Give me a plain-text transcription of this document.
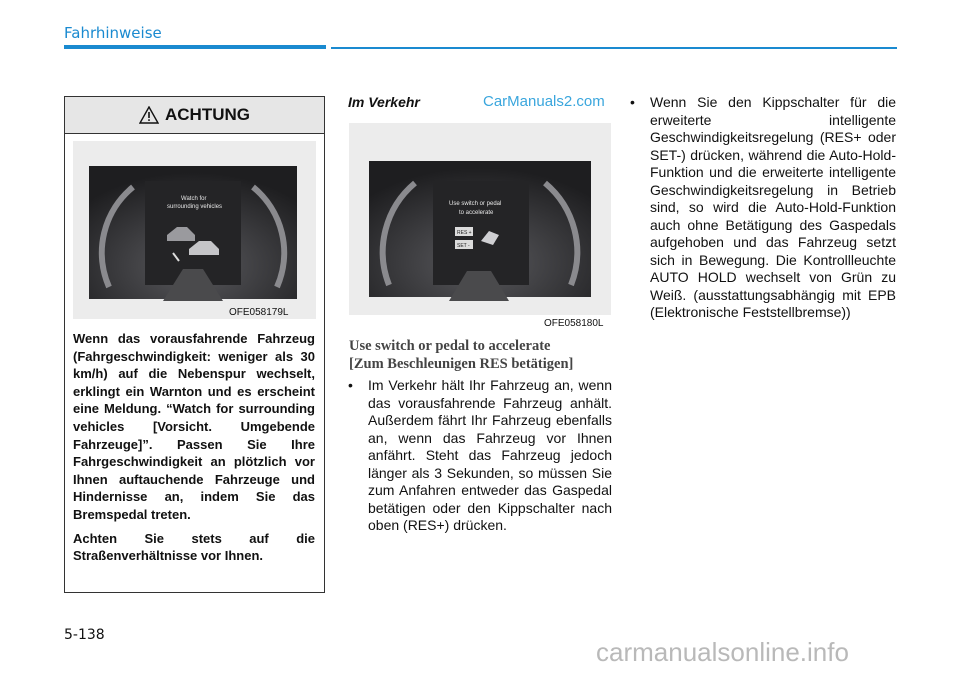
Fahrhinweise
ACHTUNG
Watch for
surrounding vehicles
OFE058179L

Wenn das vorausfahrende Fahrzeug (Fahrgeschwindigkeit: weniger als 30 km/h) auf die Nebenspur wechselt, erklingt ein Warnton und es erscheint eine Meldung. “Watch for surrounding vehicles [Vorsicht. Umgebende Fahrzeuge]”. Passen Sie Ihre Fahrgeschwindigkeit an plötzlich vor Ihnen auftauchende Fahrzeuge und Hindernisse an, indem Sie das Bremspedal treten.

Achten Sie stets auf die Straßenverhältnisse vor Ihnen.

Im Verkehr	CarManuals2.com
Use switch or pedal
to accelerate
RES +
SET -
OFE058180L
Use switch or pedal to accelerate
[Zum Beschleunigen RES betätigen]
• Im Verkehr hält Ihr Fahrzeug an, wenn das vorausfahrende Fahrzeug anhält. Außerdem fährt Ihr Fahrzeug ebenfalls an, wenn das Fahrzeug vor Ihnen anfährt. Steht das Fahrzeug jedoch länger als 3 Sekunden, so müssen Sie zum Anfahren entweder das Gaspedal betätigen oder den Kippschalter nach oben (RES+) drücken.
• Wenn Sie den Kippschalter für die erweiterte intelligente Geschwindigkeitsregelung (RES+ oder SET-) drücken, während die Auto-Hold-Funktion und die erweiterte intelligente Geschwindigkeitsregelung in Betrieb sind, so wird die Auto-Hold-Funktion auch ohne Betätigung des Gaspedals aufgehoben und das Fahrzeug setzt sich in Bewegung. Die Kontrollleuchte AUTO HOLD wechselt von Grün zu Weiß. (ausstattungsabhängig mit EPB (Elektronische Feststellbremse))
5-138
carmanualsonline.info
